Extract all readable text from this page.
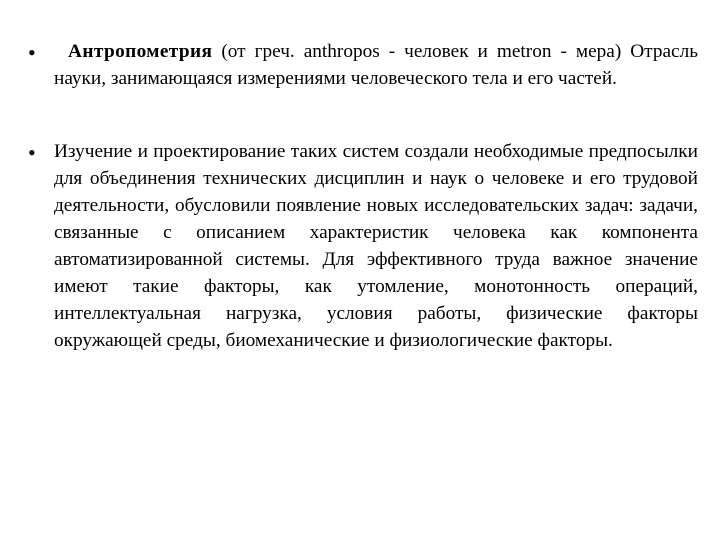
•	Антропометрия (от греч. anthropos - человек и metron - мера) Отрасль науки, занимающаяся измерениями человеческого тела и его частей.

• Изучение и проектирование таких систем создали необходимые предпосылки для объединения технических дисциплин и наук о человеке и его трудовой деятельности, обусловили появление новых исследовательских задач: задачи, связанные с описанием характеристик человека как компонента автоматизированной системы. Для эффективного труда важное значение имеют такие факторы, как утомление, монотонность операций, интеллектуальная нагрузка, условия работы, физические факторы окружающей среды, биомеханические и физиологические факторы.
